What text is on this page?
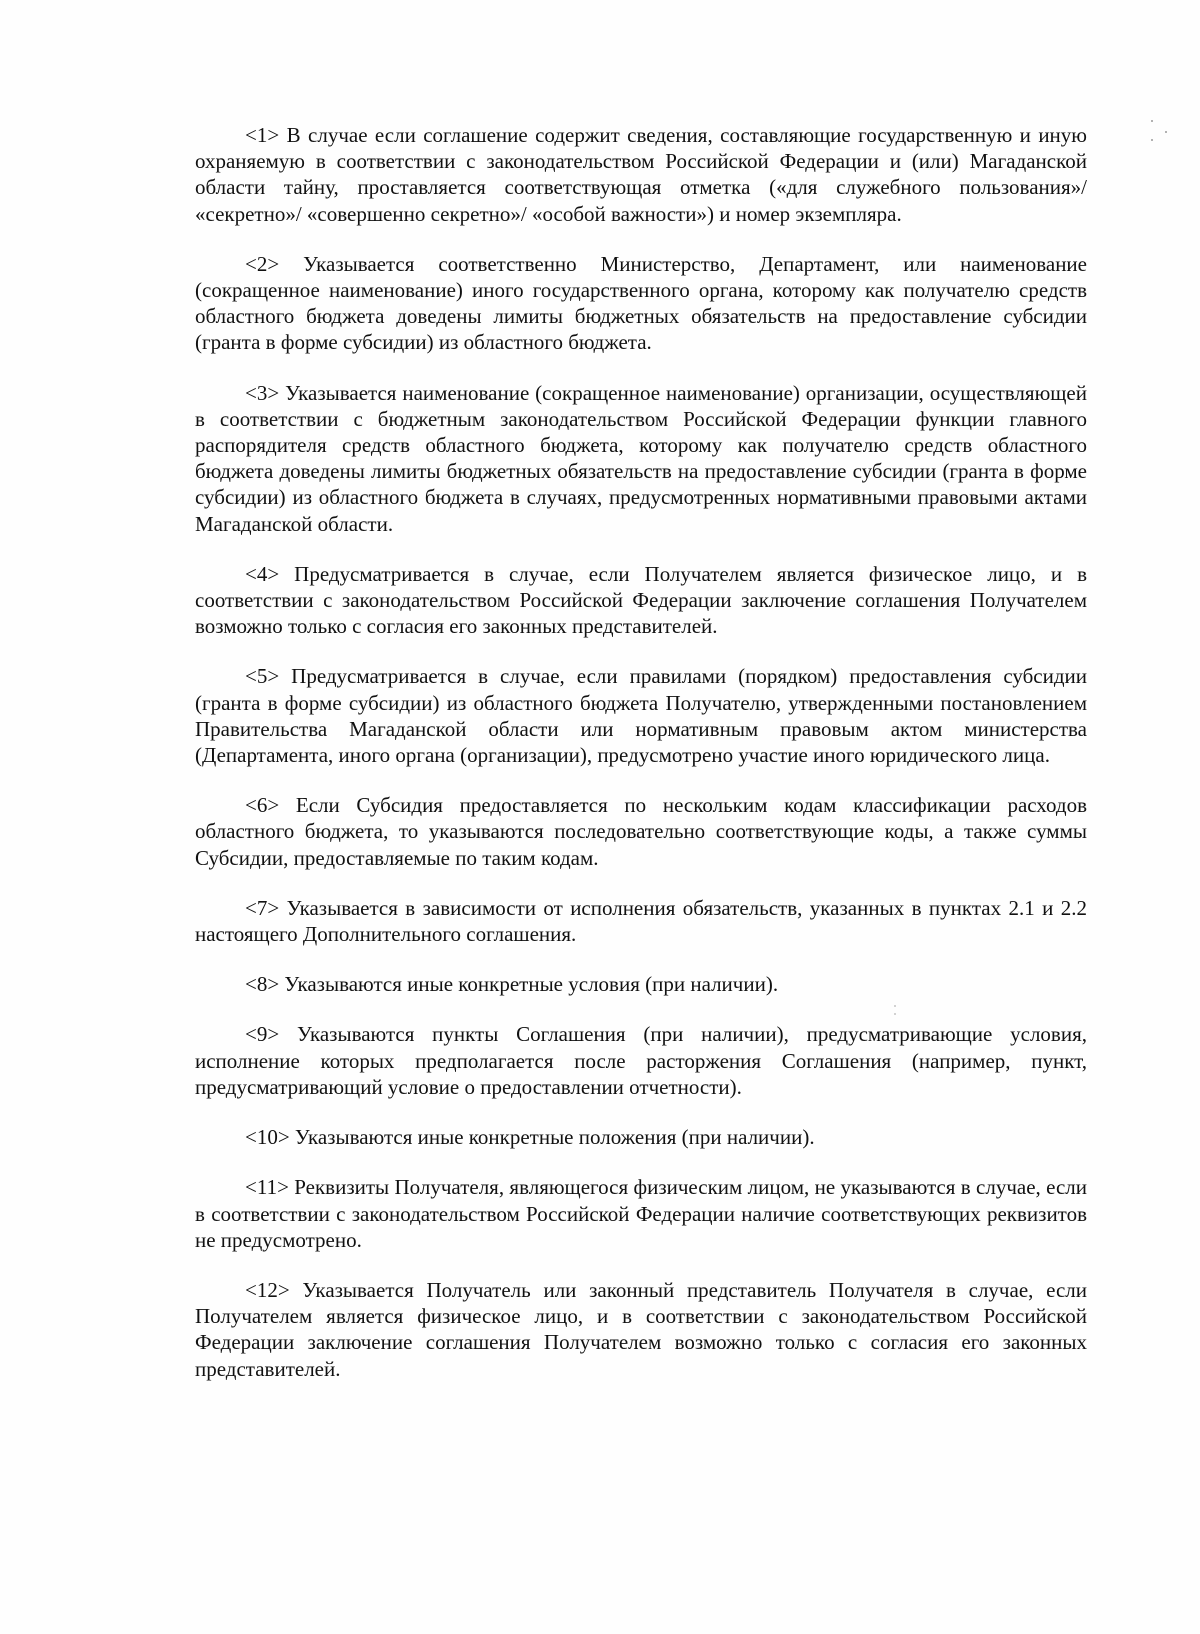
<1> В случае если соглашение содержит сведения, составляющие государственную и иную охраняемую в соответствии с законодательством Российской Федерации и (или) Магаданской области тайну, проставляется соответствующая отметка («для служебного пользования»/ «секретно»/ «совершенно секретно»/ «особой важности») и номер экземпляра.

<2> Указывается соответственно Министерство, Департамент, или наименование (сокращенное наименование) иного государственного органа, которому как получателю средств областного бюджета доведены лимиты бюджетных обязательств на предоставление субсидии (гранта в форме субсидии) из областного бюджета.

<3> Указывается наименование (сокращенное наименование) организации, осуществляющей в соответствии с бюджетным законодательством Российской Федерации функции главного распорядителя средств областного бюджета, которому как получателю средств областного бюджета доведены лимиты бюджетных обязательств на предоставление субсидии (гранта в форме субсидии) из областного бюджета в случаях, предусмотренных нормативными правовыми актами Магаданской области.

<4> Предусматривается в случае, если Получателем является физическое лицо, и в соответствии с законодательством Российской Федерации заключение соглашения Получателем возможно только с согласия его законных представителей.

<5> Предусматривается в случае, если правилами (порядком) предоставления субсидии (гранта в форме субсидии) из областного бюджета Получателю, утвержденными постановлением Правительства Магаданской области или нормативным правовым актом министерства (Департамента, иного органа (организации), предусмотрено участие иного юридического лица.

<6> Если Субсидия предоставляется по нескольким кодам классификации расходов областного бюджета, то указываются последовательно соответствующие коды, а также суммы Субсидии, предоставляемые по таким кодам.

<7> Указывается в зависимости от исполнения обязательств, указанных в пунктах 2.1 и 2.2 настоящего Дополнительного соглашения.

<8> Указываются иные конкретные условия (при наличии).

<9> Указываются пункты Соглашения (при наличии), предусматривающие условия, исполнение которых предполагается после расторжения Соглашения (например, пункт, предусматривающий условие о предоставлении отчетности).

<10> Указываются иные конкретные положения (при наличии).

<11> Реквизиты Получателя, являющегося физическим лицом, не указываются в случае, если в соответствии с законодательством Российской Федерации наличие соответствующих реквизитов не предусмотрено.

<12> Указывается Получатель или законный представитель Получателя в случае, если Получателем является физическое лицо, и в соответствии с законодательством Российской Федерации заключение соглашения Получателем возможно только с согласия его законных представителей.
